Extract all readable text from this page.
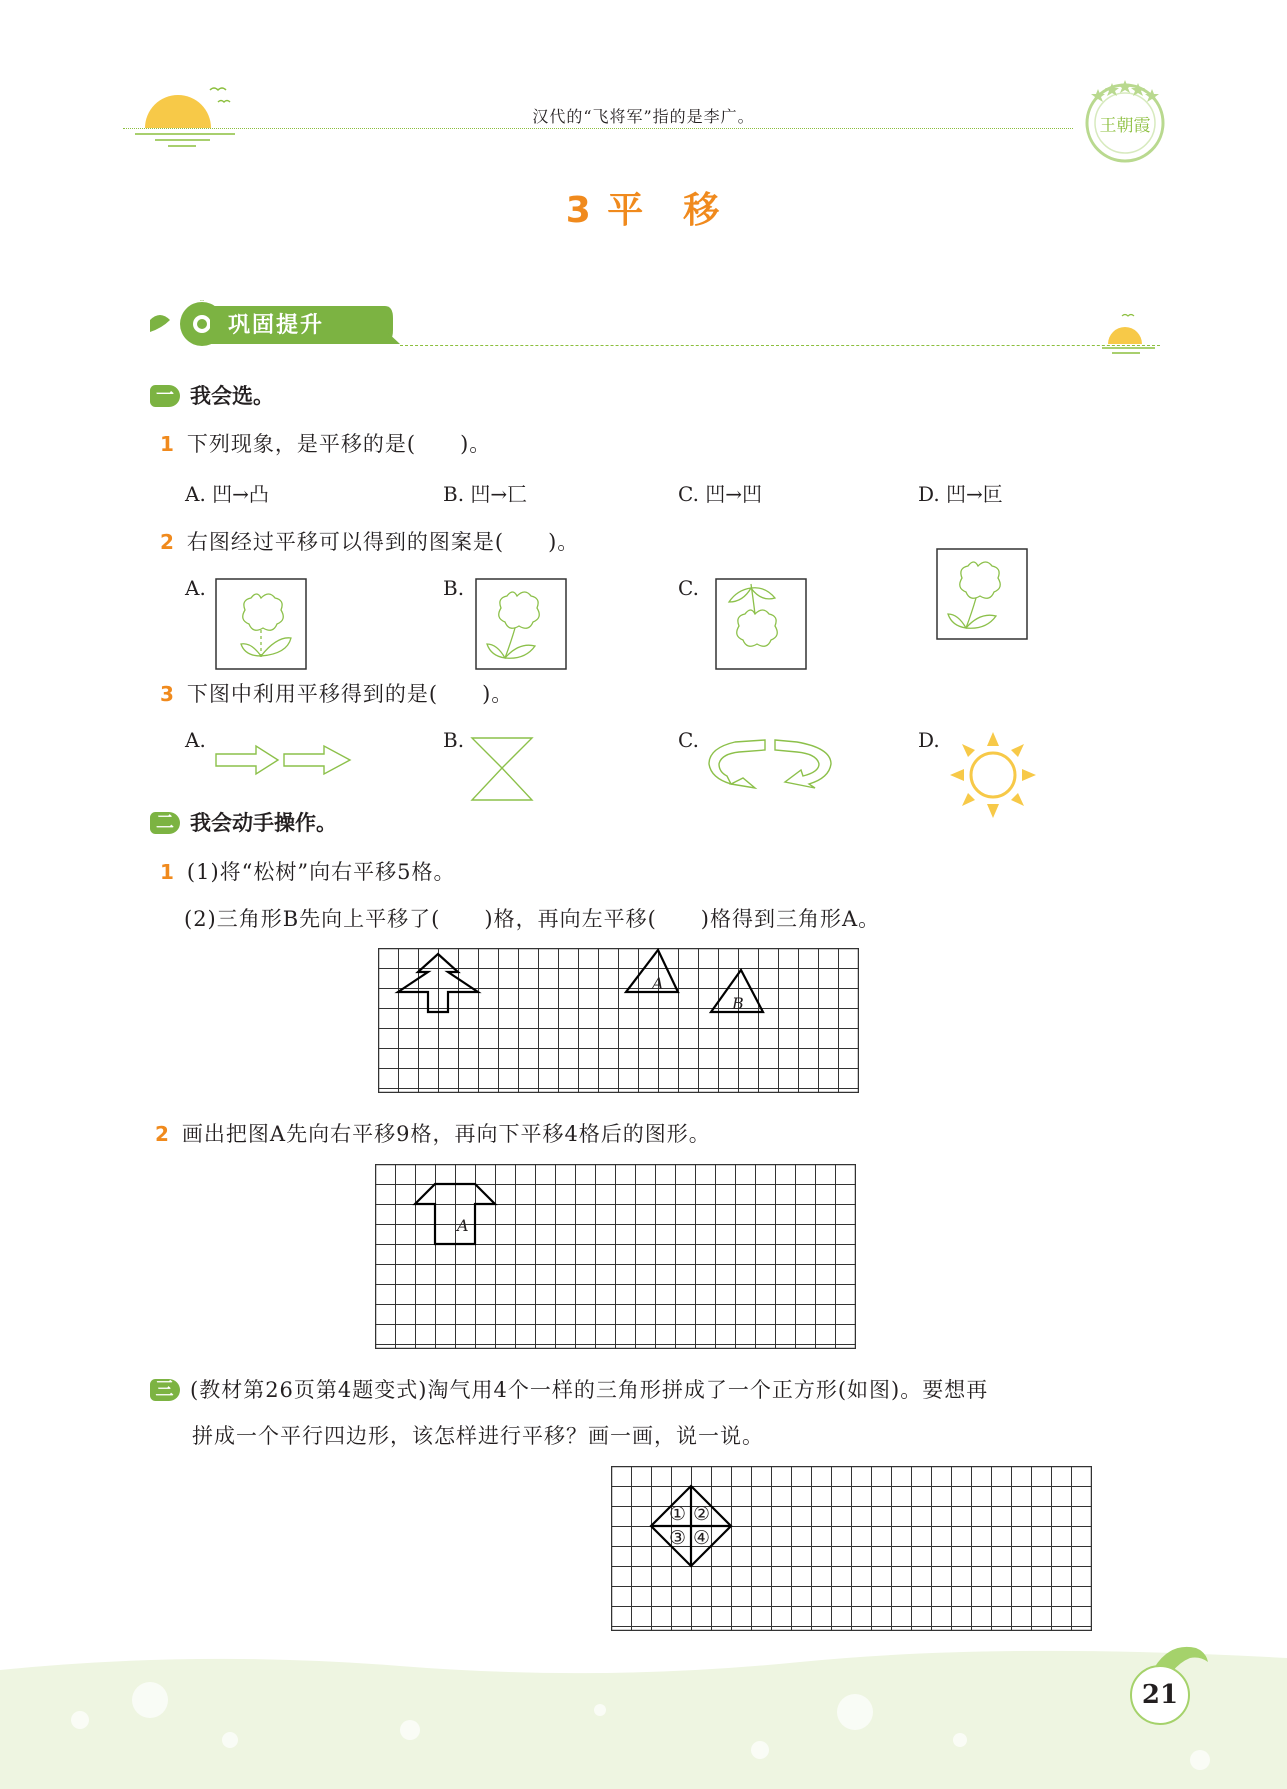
汉代的“飞将军”指的是李广。	王朝霞
3 平　移
巩固提升
一 我会选。
1 下列现象，是平移的是(　　)。
A. 凹→凸	B. 凹→匸	C. 凹→凹	D. 凹→叵
2 右图经过平移可以得到的图案是(　　)。
A.	B.	C.
3 下图中利用平移得到的是(　　)。
A.	B.	C.	D.
二 我会动手操作。
1 (1)将“松树”向右平移5格。
(2)三角形B先向上平移了(　　)格，再向左平移(　　)格得到三角形A。
A
B
2 画出把图A先向右平移9格，再向下平移4格后的图形。
A
三 (教材第26页第4题变式)淘气用4个一样的三角形拼成了一个正方形(如图)。要想再
拼成一个平行四边形，该怎样进行平移？画一画，说一说。
① ②
③ ④
21
